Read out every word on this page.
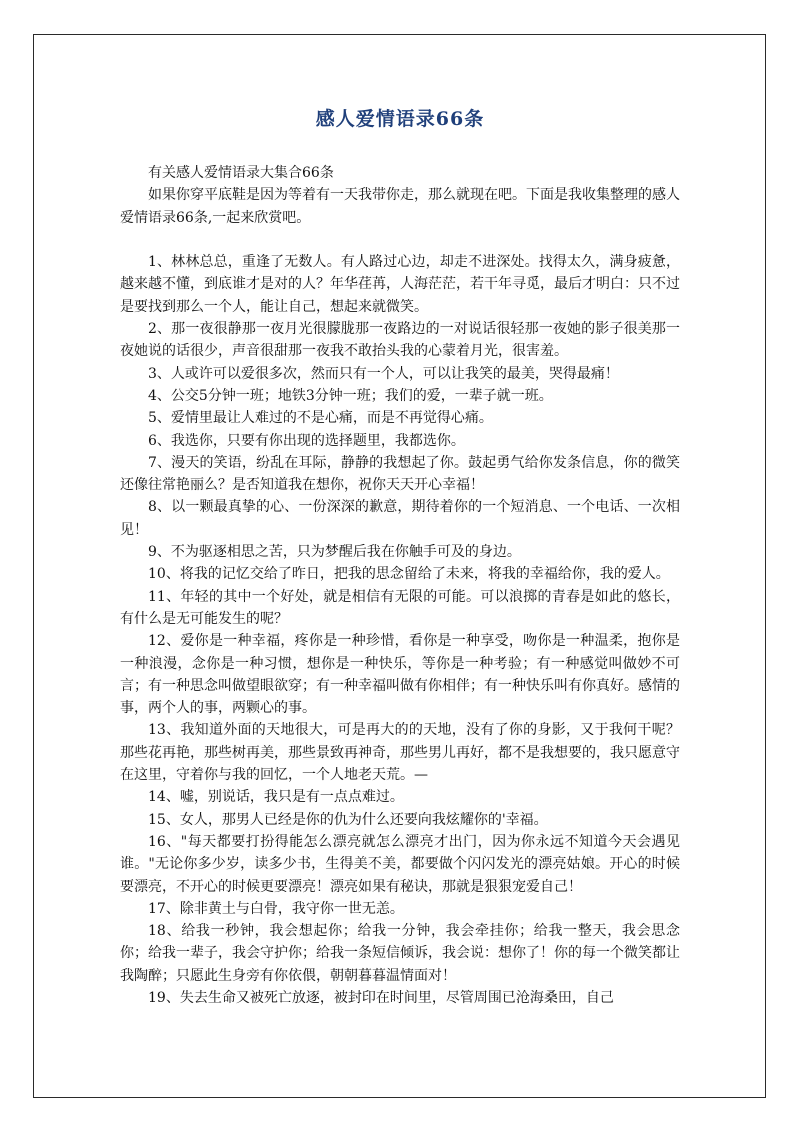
感人爱情语录66条

有关感人爱情语录大集合66条

如果你穿平底鞋是因为等着有一天我带你走，那么就现在吧。下面是我收集整理的感人爱情语录66条,一起来欣赏吧。

1、林林总总，重逢了无数人。有人路过心边，却走不进深处。找得太久，满身疲惫，越来越不懂，到底谁才是对的人？年华荏苒，人海茫茫，若干年寻觅，最后才明白：只不过是要找到那么一个人，能让自己，想起来就微笑。

2、那一夜很静那一夜月光很朦胧那一夜路边的一对说话很轻那一夜她的影子很美那一夜她说的话很少，声音很甜那一夜我不敢抬头我的心蒙着月光，很害羞。

3、人或许可以爱很多次，然而只有一个人，可以让我笑的最美，哭得最痛！

4、公交5分钟一班；地铁3分钟一班；我们的爱，一辈子就一班。

5、爱情里最让人难过的不是心痛，而是不再觉得心痛。

6、我选你，只要有你出现的选择题里，我都选你。

7、漫天的笑语，纷乱在耳际，静静的我想起了你。鼓起勇气给你发条信息，你的微笑还像往常艳丽么？是否知道我在想你，祝你天天开心幸福！

8、以一颗最真挚的心、一份深深的歉意，期待着你的一个短消息、一个电话、一次相见！

9、不为驱逐相思之苦，只为梦醒后我在你触手可及的身边。

10、将我的记忆交给了昨日，把我的思念留给了未来，将我的幸福给你，我的爱人。

11、年轻的其中一个好处，就是相信有无限的可能。可以浪掷的青春是如此的悠长，有什么是无可能发生的呢？

12、爱你是一种幸福，疼你是一种珍惜，看你是一种享受，吻你是一种温柔，抱你是一种浪漫，念你是一种习惯，想你是一种快乐，等你是一种考验；有一种感觉叫做妙不可言；有一种思念叫做望眼欲穿；有一种幸福叫做有你相伴；有一种快乐叫有你真好。感情的事，两个人的事，两颗心的事。

13、我知道外面的天地很大，可是再大的的天地，没有了你的身影，又于我何干呢？那些花再艳，那些树再美，那些景致再神奇，那些男儿再好，都不是我想要的，我只愿意守在这里，守着你与我的回忆，一个人地老天荒。—

14、嘘，别说话，我只是有一点点难过。

15、女人，那男人已经是你的仇为什么还要向我炫耀你的'幸福。

16、"每天都要打扮得能怎么漂亮就怎么漂亮才出门，因为你永远不知道今天会遇见谁。"无论你多少岁，读多少书，生得美不美，都要做个闪闪发光的漂亮姑娘。开心的时候要漂亮，不开心的时候更要漂亮！漂亮如果有秘诀，那就是狠狠宠爱自己！

17、除非黄土与白骨，我守你一世无恙。

18、给我一秒钟，我会想起你；给我一分钟，我会牵挂你；给我一整天，我会思念你；给我一辈子，我会守护你；给我一条短信倾诉，我会说：想你了！你的每一个微笑都让我陶醉；只愿此生身旁有你依偎，朝朝暮暮温情面对！

19、失去生命又被死亡放逐，被封印在时间里，尽管周围已沧海桑田，自己
